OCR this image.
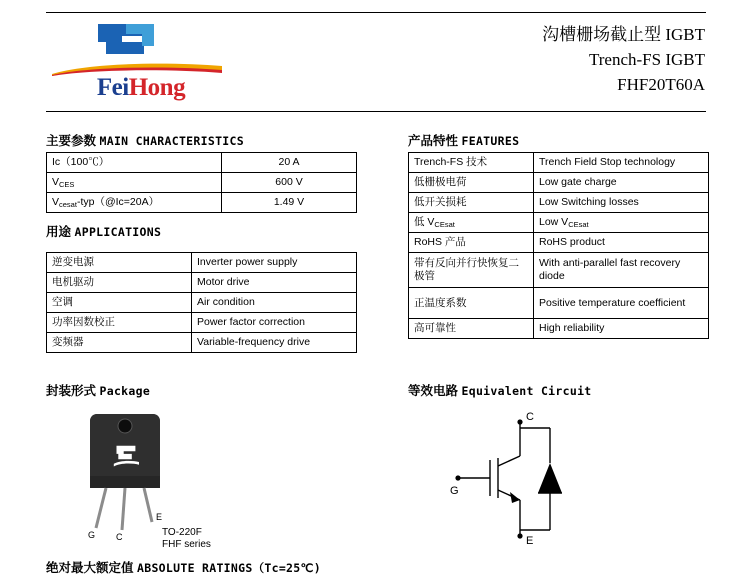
FeiHong
沟槽栅场截止型 IGBT
Trench-FS IGBT
FHF20T60A
主要参数 MAIN CHARACTERISTICS
Ic（100℃）	20 A
$V_{CES}$	600 V
$V_{cesat}-typ(@Ic=20A)$	1.49 V
用途 APPLICATIONS
逆变电源	Inverter power supply
电机驱动	Motor drive
空调	Air condition
功率因数校正	Power factor correction
变频器	Variable-frequency drive
产品特性 FEATURES
Trench-FS 技术	Trench Field Stop technology
低栅极电荷	Low gate charge
低开关损耗	Low Switching losses
低 $V_{CEsat}$	Low $V_{CEsat}$
RoHS 产品	RoHS product
带有反向并行快恢复二极管	With anti-parallel fast recovery diode
正温度系数	Positive temperature coefficient
高可靠性	High reliability
封装形式 Package
G C
E
TO-220F
FHF series
等效电路 Equivalent Circuit
C
G
E
绝对最大额定值 ABSOLUTE RATINGS（Tc=25℃)
